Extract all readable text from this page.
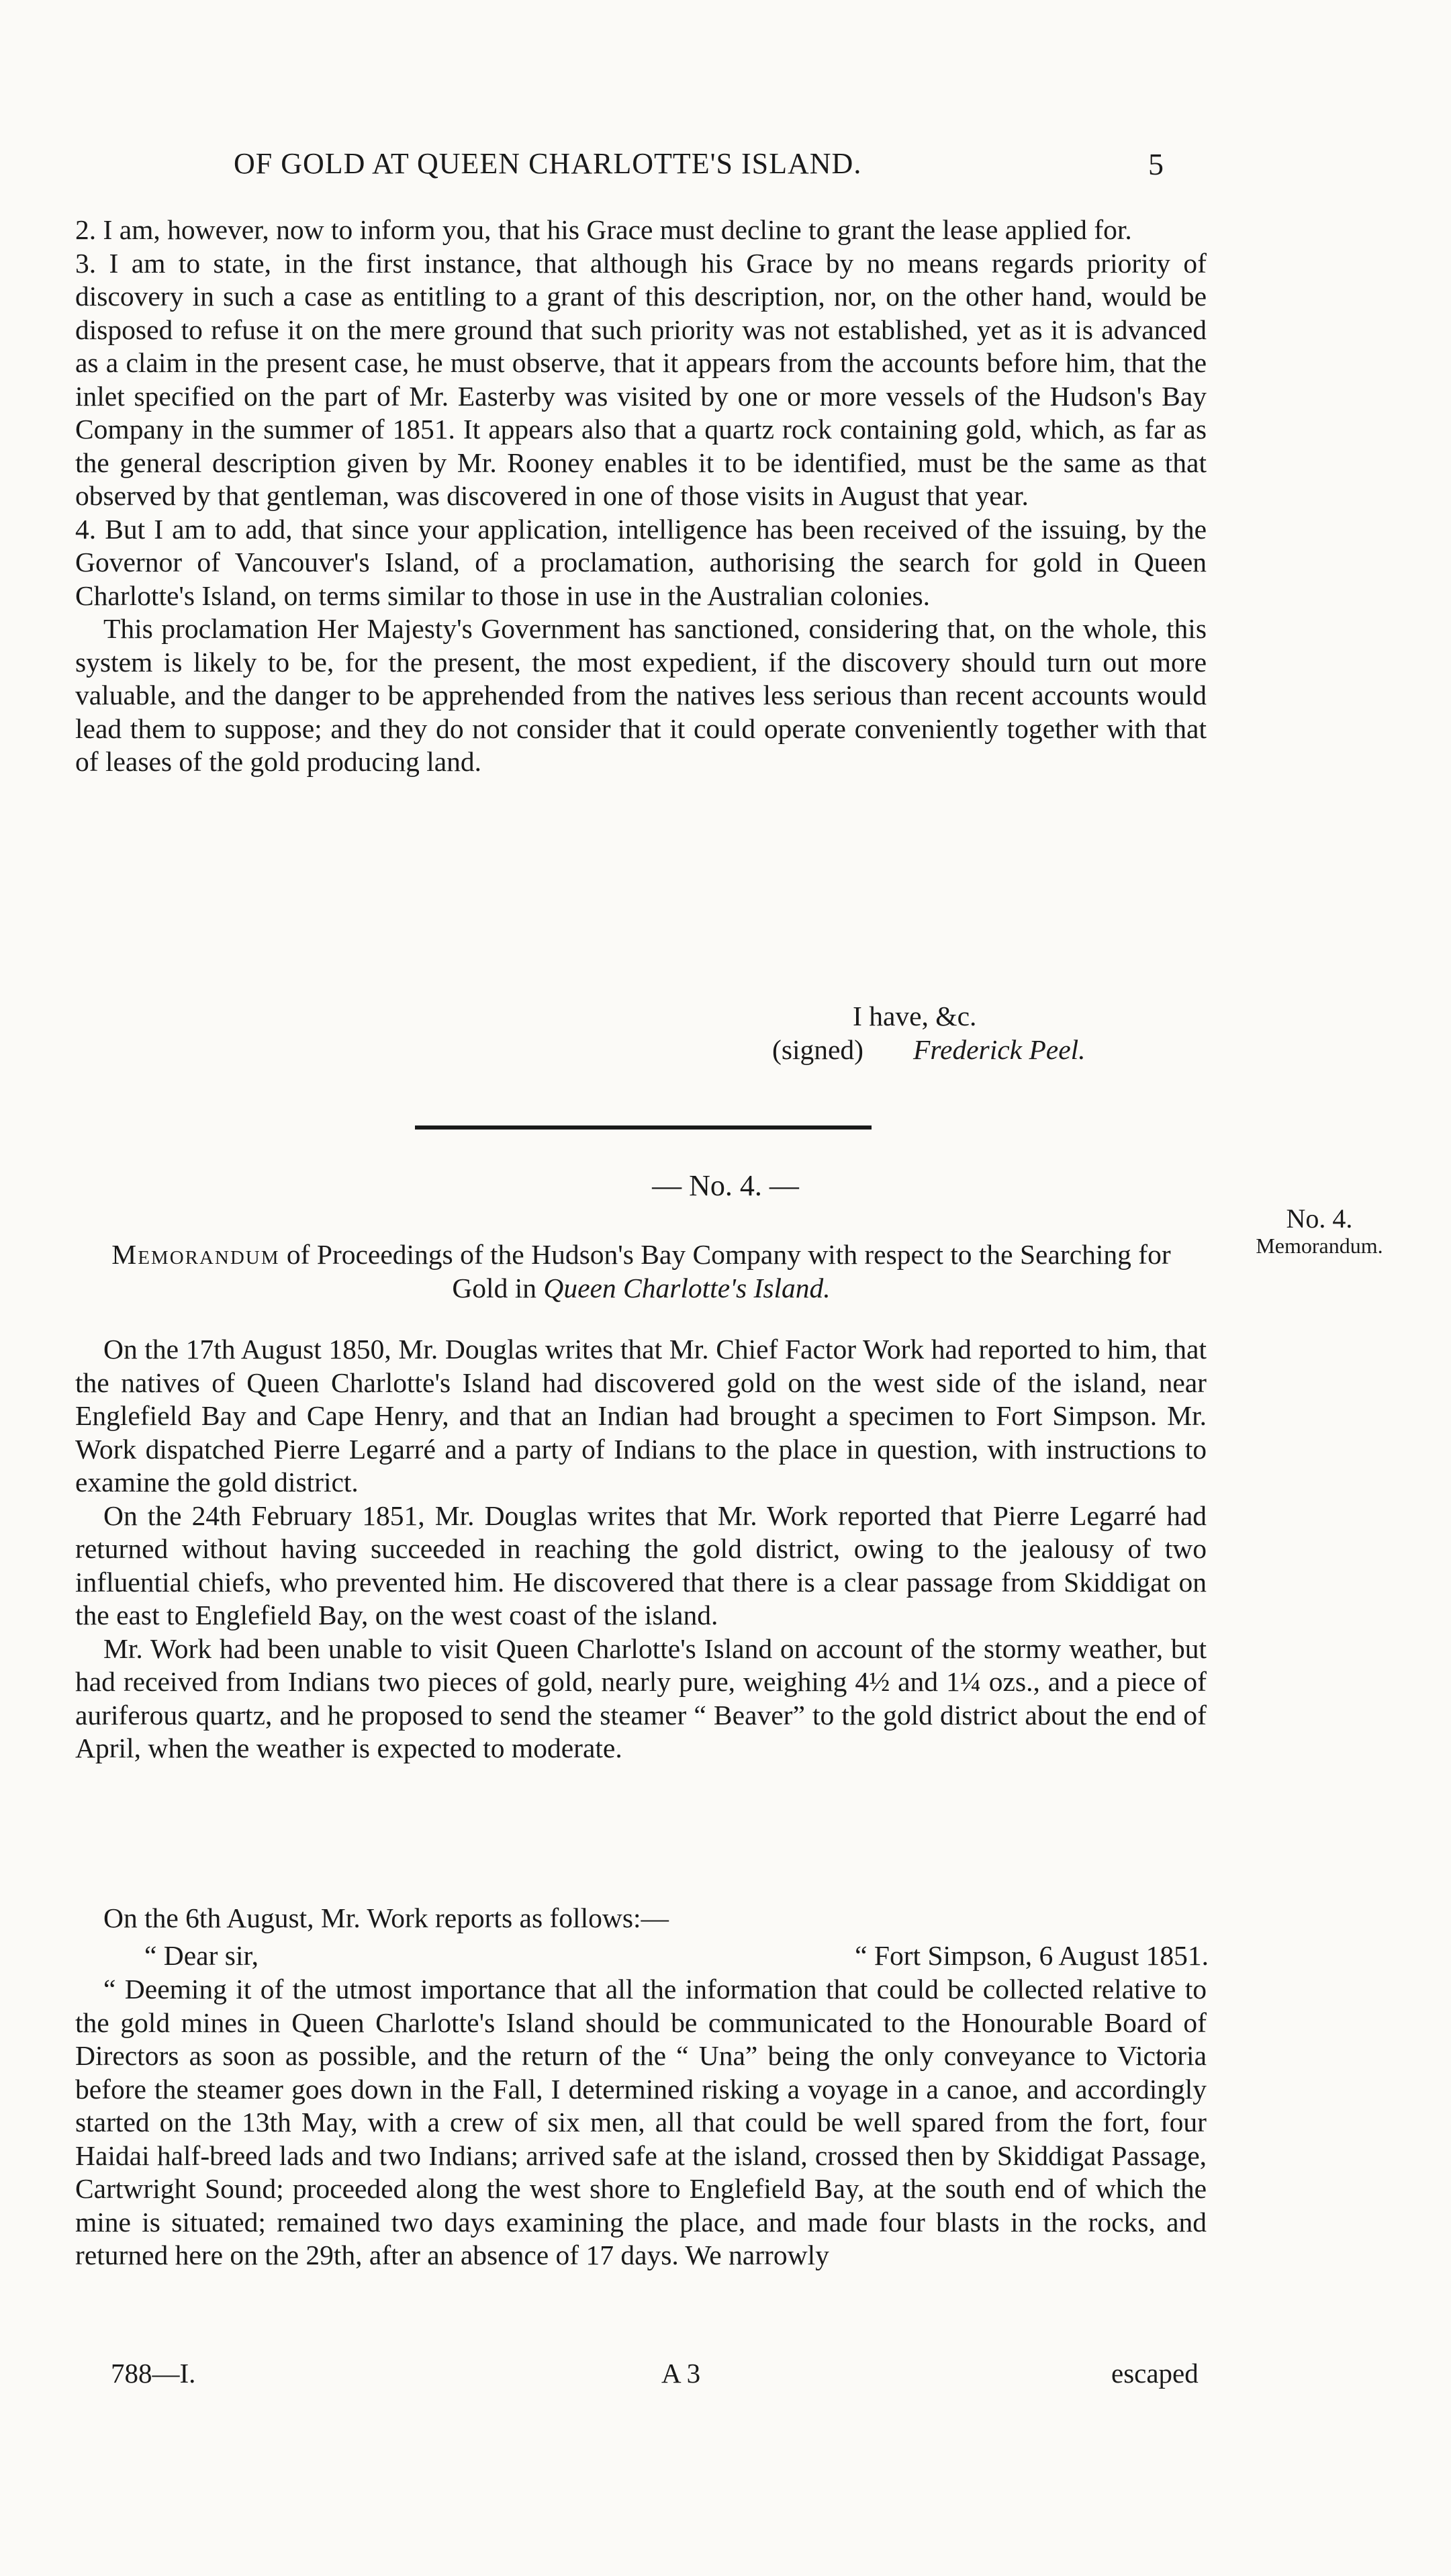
OF GOLD AT QUEEN CHARLOTTE'S ISLAND.	5

2. I am, however, now to inform you, that his Grace must decline to grant the lease applied for.

3. I am to state, in the first instance, that although his Grace by no means regards priority of discovery in such a case as entitling to a grant of this description, nor, on the other hand, would be disposed to refuse it on the mere ground that such priority was not established, yet as it is advanced as a claim in the present case, he must observe, that it appears from the accounts before him, that the inlet specified on the part of Mr. Easterby was visited by one or more vessels of the Hudson's Bay Company in the summer of 1851. It appears also that a quartz rock containing gold, which, as far as the general description given by Mr. Rooney enables it to be identified, must be the same as that observed by that gentleman, was discovered in one of those visits in August that year.

4. But I am to add, that since your application, intelligence has been received of the issuing, by the Governor of Vancouver's Island, of a proclamation, authorising the search for gold in Queen Charlotte's Island, on terms similar to those in use in the Australian colonies.

This proclamation Her Majesty's Government has sanctioned, considering that, on the whole, this system is likely to be, for the present, the most expedient, if the discovery should turn out more valuable, and the danger to be apprehended from the natives less serious than recent accounts would lead them to suppose; and they do not consider that it could operate conveniently together with that of leases of the gold producing land.

I have, &c.
(signed) Frederick Peel.
— No. 4. —
No. 4.
Memorandum.
Memorandum of Proceedings of the Hudson's Bay Company with respect to the Searching for Gold in Queen Charlotte's Island.

On the 17th August 1850, Mr. Douglas writes that Mr. Chief Factor Work had reported to him, that the natives of Queen Charlotte's Island had discovered gold on the west side of the island, near Englefield Bay and Cape Henry, and that an Indian had brought a specimen to Fort Simpson. Mr. Work dispatched Pierre Legarré and a party of Indians to the place in question, with instructions to examine the gold district.

On the 24th February 1851, Mr. Douglas writes that Mr. Work reported that Pierre Legarré had returned without having succeeded in reaching the gold district, owing to the jealousy of two influential chiefs, who prevented him. He discovered that there is a clear passage from Skiddigat on the east to Englefield Bay, on the west coast of the island.

Mr. Work had been unable to visit Queen Charlotte's Island on account of the stormy weather, but had received from Indians two pieces of gold, nearly pure, weighing 4½ and 1¼ ozs., and a piece of auriferous quartz, and he proposed to send the steamer “ Beaver” to the gold district about the end of April, when the weather is expected to moderate.

On the 6th August, Mr. Work reports as follows:—

“ Dear sir,	“ Fort Simpson, 6 August 1851.

“ Deeming it of the utmost importance that all the information that could be collected relative to the gold mines in Queen Charlotte's Island should be communicated to the Honourable Board of Directors as soon as possible, and the return of the “ Una” being the only conveyance to Victoria before the steamer goes down in the Fall, I determined risking a voyage in a canoe, and accordingly started on the 13th May, with a crew of six men, all that could be well spared from the fort, four Haidai half-breed lads and two Indians; arrived safe at the island, crossed then by Skiddigat Passage, Cartwright Sound; proceeded along the west shore to Englefield Bay, at the south end of which the mine is situated; remained two days examining the place, and made four blasts in the rocks, and returned here on the 29th, after an absence of 17 days. We narrowly

788—I.	A 3	escaped
